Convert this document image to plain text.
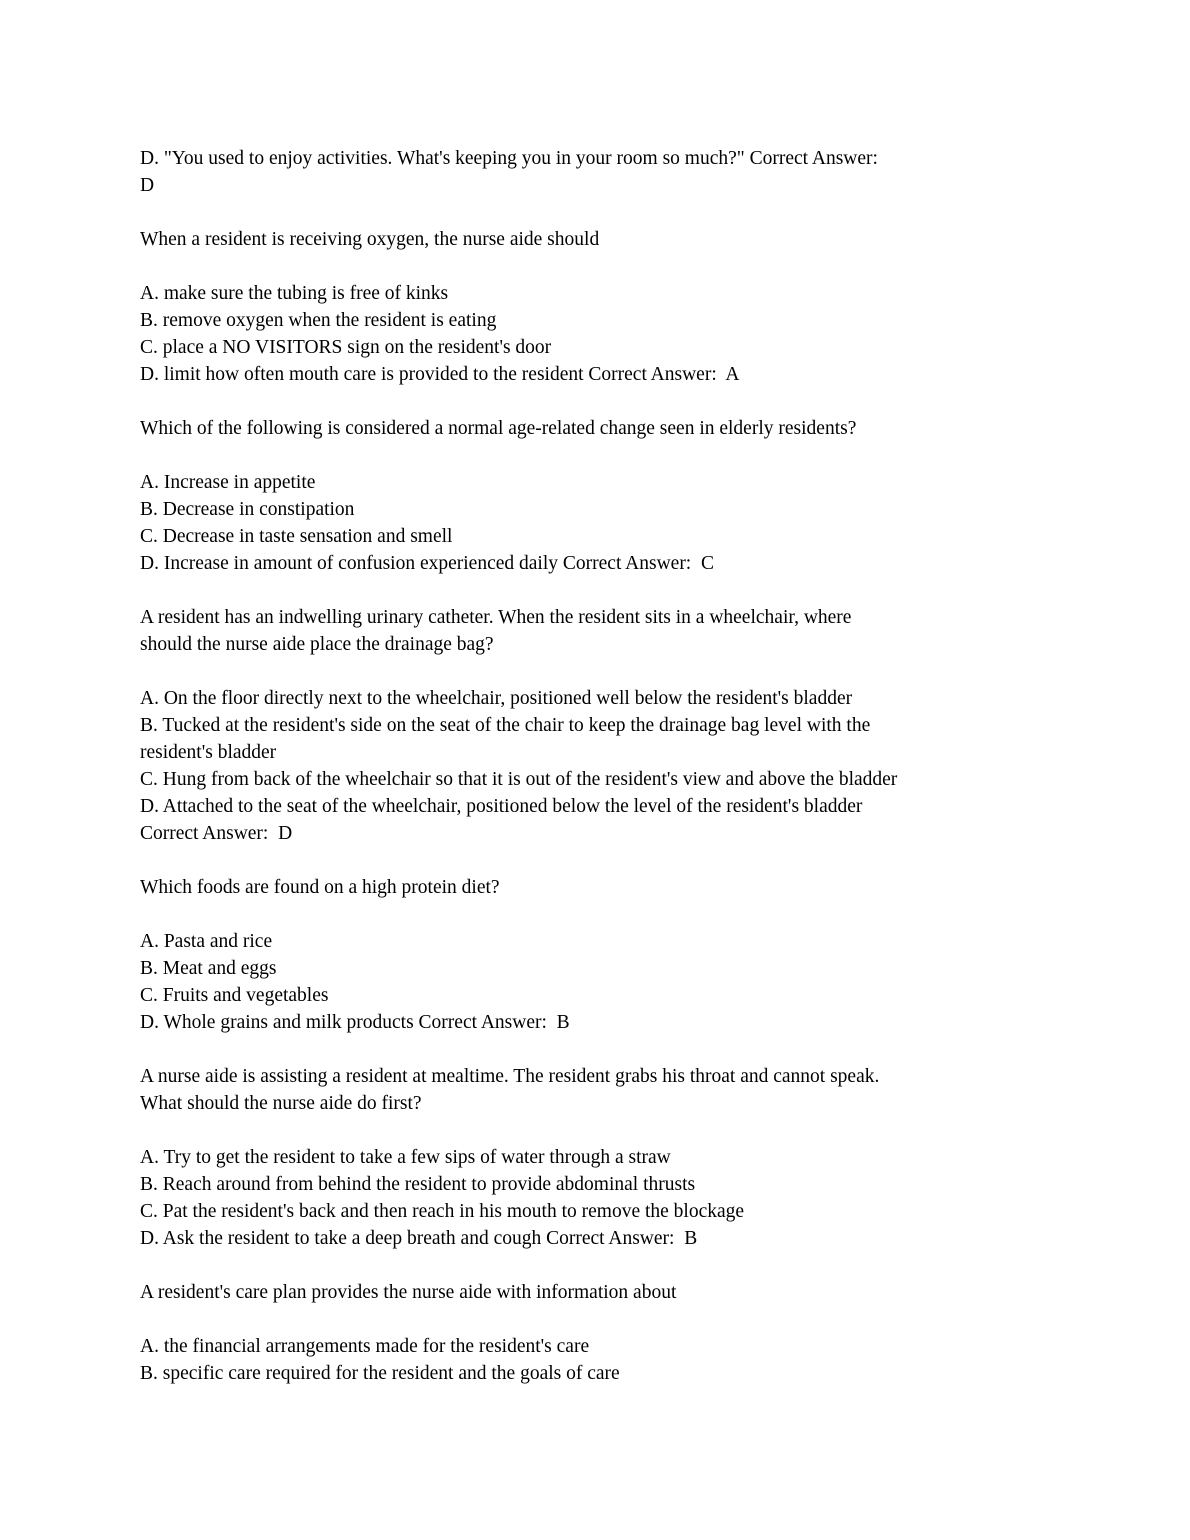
D. "You used to enjoy activities. What's keeping you in your room so much?" Correct Answer:

D

When a resident is receiving oxygen, the nurse aide should

A. make sure the tubing is free of kinks

B. remove oxygen when the resident is eating

C. place a NO VISITORS sign on the resident's door

D. limit how often mouth care is provided to the resident Correct Answer:  A

Which of the following is considered a normal age-related change seen in elderly residents?

A. Increase in appetite

B. Decrease in constipation

C. Decrease in taste sensation and smell

D. Increase in amount of confusion experienced daily Correct Answer:  C

A resident has an indwelling urinary catheter. When the resident sits in a wheelchair, where

should the nurse aide place the drainage bag?

A. On the floor directly next to the wheelchair, positioned well below the resident's bladder

B. Tucked at the resident's side on the seat of the chair to keep the drainage bag level with the

resident's bladder

C. Hung from back of the wheelchair so that it is out of the resident's view and above the bladder

D. Attached to the seat of the wheelchair, positioned below the level of the resident's bladder

Correct Answer:  D

Which foods are found on a high protein diet?

A. Pasta and rice

B. Meat and eggs

C. Fruits and vegetables

D. Whole grains and milk products Correct Answer:  B

A nurse aide is assisting a resident at mealtime. The resident grabs his throat and cannot speak.

What should the nurse aide do first?

A. Try to get the resident to take a few sips of water through a straw

B. Reach around from behind the resident to provide abdominal thrusts

C. Pat the resident's back and then reach in his mouth to remove the blockage

D. Ask the resident to take a deep breath and cough Correct Answer:  B

A resident's care plan provides the nurse aide with information about

A. the financial arrangements made for the resident's care

B. specific care required for the resident and the goals of care
